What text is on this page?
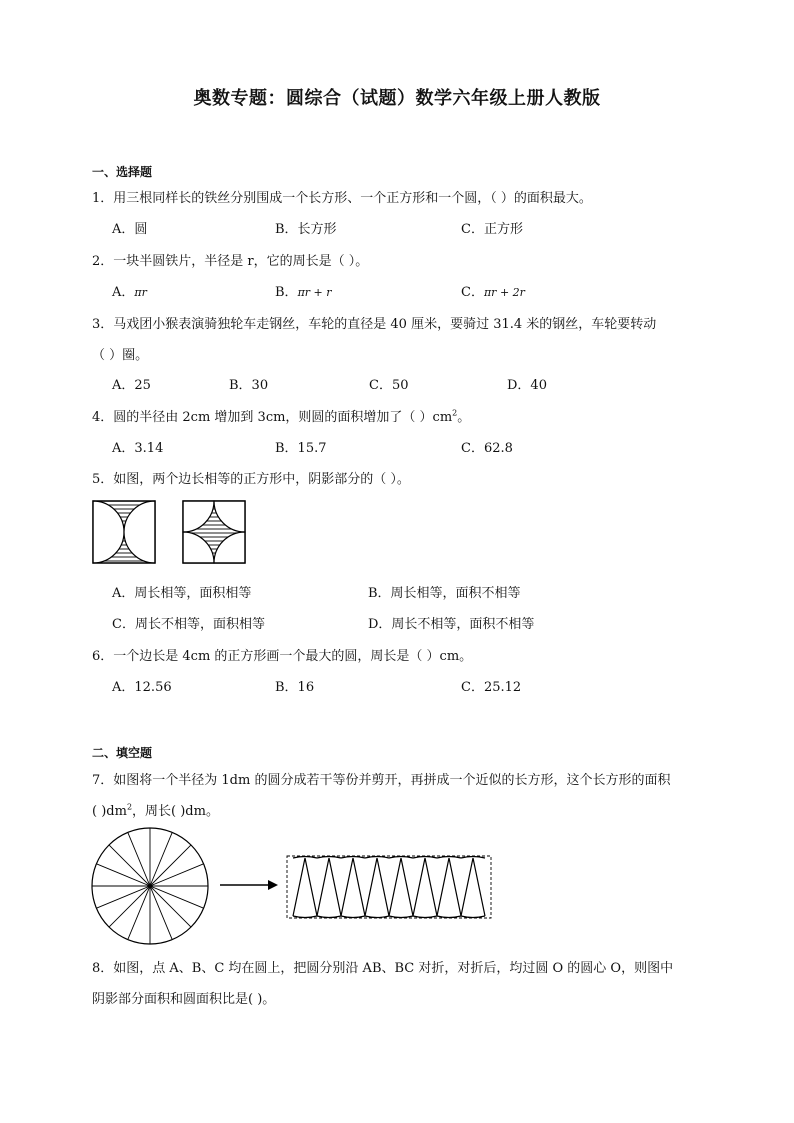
奥数专题：圆综合（试题）数学六年级上册人教版
一、选择题
1．用三根同样长的铁丝分别围成一个长方形、一个正方形和一个圆，（ ）的面积最大。
A．圆	B．长方形	C．正方形
2．一块半圆铁片，半径是 r，它的周长是（ ）。
A．πr	B．πr + r	C．πr + 2r
3．马戏团小猴表演骑独轮车走钢丝，车轮的直径是 40 厘米，要骑过 31.4 米的钢丝，车轮要转动
（ ）圈。
A．25	B．30	C．50	D．40
4．圆的半径由 2cm 增加到 3cm，则圆的面积增加了（ ）$cm^2$。
A．3.14	B．15.7	C．62.8
5．如图，两个边长相等的正方形中，阴影部分的（ ）。
A．周长相等，面积相等	B．周长相等，面积不相等
C．周长不相等，面积相等	D．周长不相等，面积不相等
6．一个边长是 4cm 的正方形画一个最大的圆，周长是（ ）cm。
A．12.56	B．16	C．25.12
二、填空题
7．如图将一个半径为 1dm 的圆分成若干等份并剪开，再拼成一个近似的长方形，这个长方形的面积
( )$dm^2$，周长( )dm。
8．如图，点 A、B、C 均在圆上，把圆分别沿 AB、BC 对折，对折后，均过圆 O 的圆心 O，则图中
阴影部分面积和圆面积比是( )。
